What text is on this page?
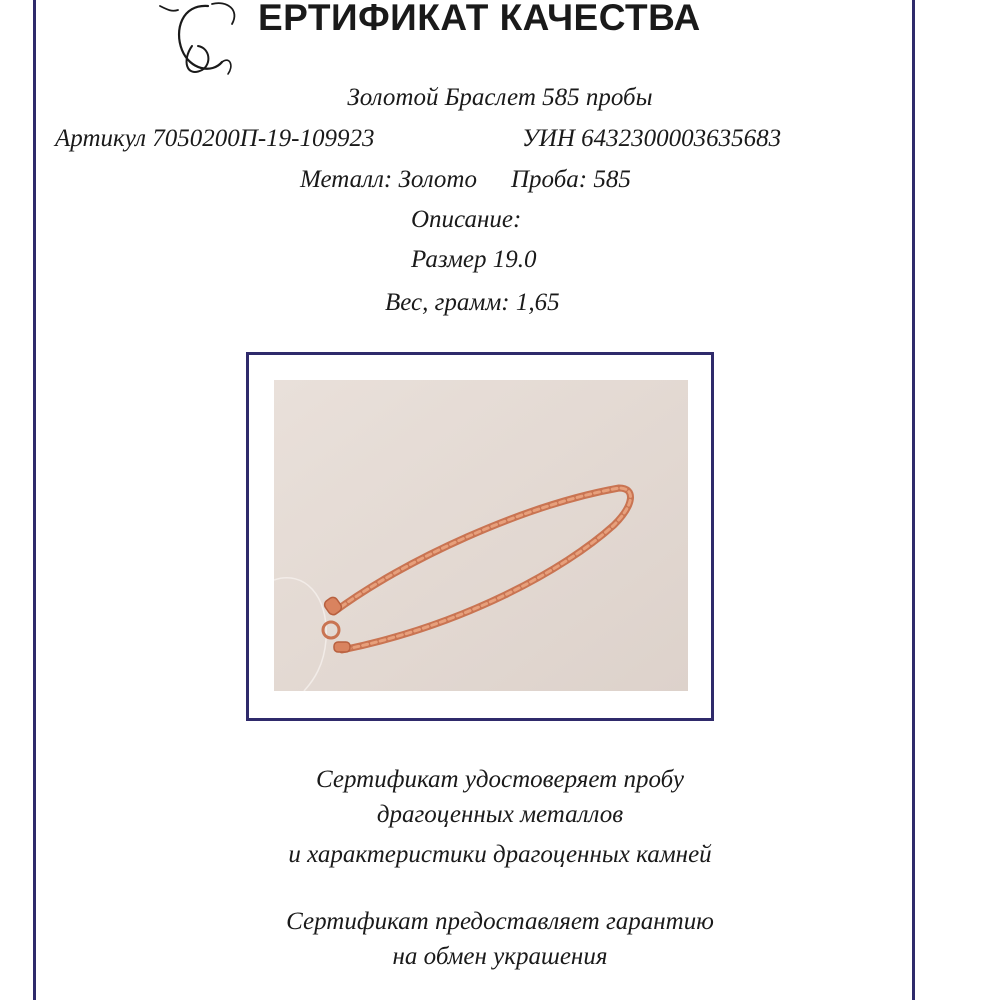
ЕРТИФИКАТ КАЧЕСТВА
Золотой Браслет 585 пробы
Артикул 7050200П-19-109923	УИН 6432300003635683
Металл: Золото Проба: 585
Описание:
Размер 19.0
Вес, грамм: 1,65
Сертификат удостоверяет пробу
драгоценных металлов
и характеристики драгоценных камней
Сертификат предоставляет гарантию
на обмен украшения
